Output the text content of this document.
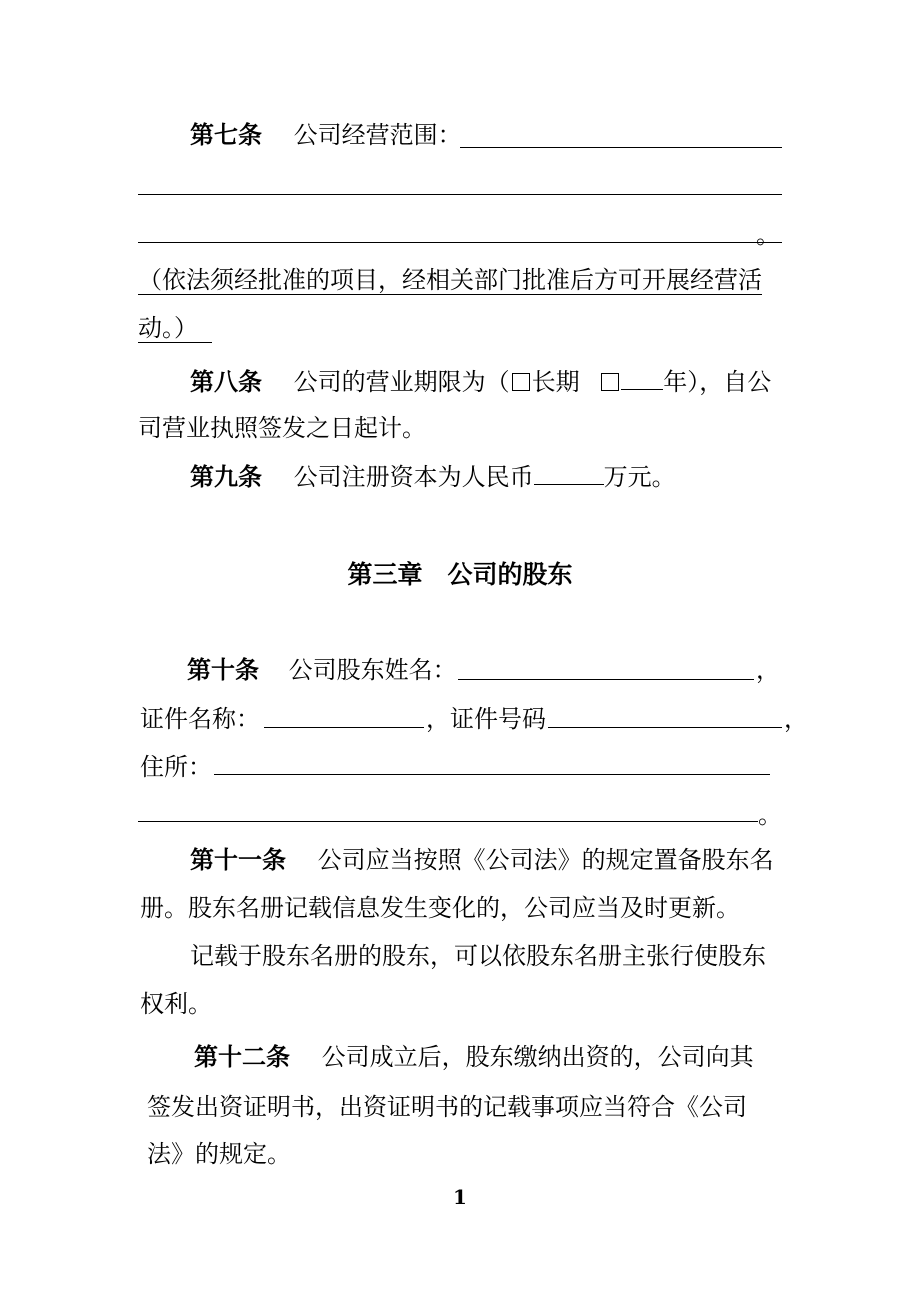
第七条 公司经营范围：
。
（依法须经批准的项目，经相关部门批准后方可开展经营活
动。）
第八条 公司的营业期限为（ 长期	年），自公
司营业执照签发之日起计。
第九条 公司注册资本为人民币	万元。
第三章　公司的股东
第十条 公司股东姓名：	，
证件名称：	，证件号码	，
住所：
。
第十一条 公司应当按照《公司法》的规定置备股东名
册。股东名册记载信息发生变化的，公司应当及时更新。
记载于股东名册的股东，可以依股东名册主张行使股东
权利。
第十二条 公司成立后，股东缴纳出资的，公司向其
签发出资证明书，出资证明书的记载事项应当符合《公司
法》的规定。
1
